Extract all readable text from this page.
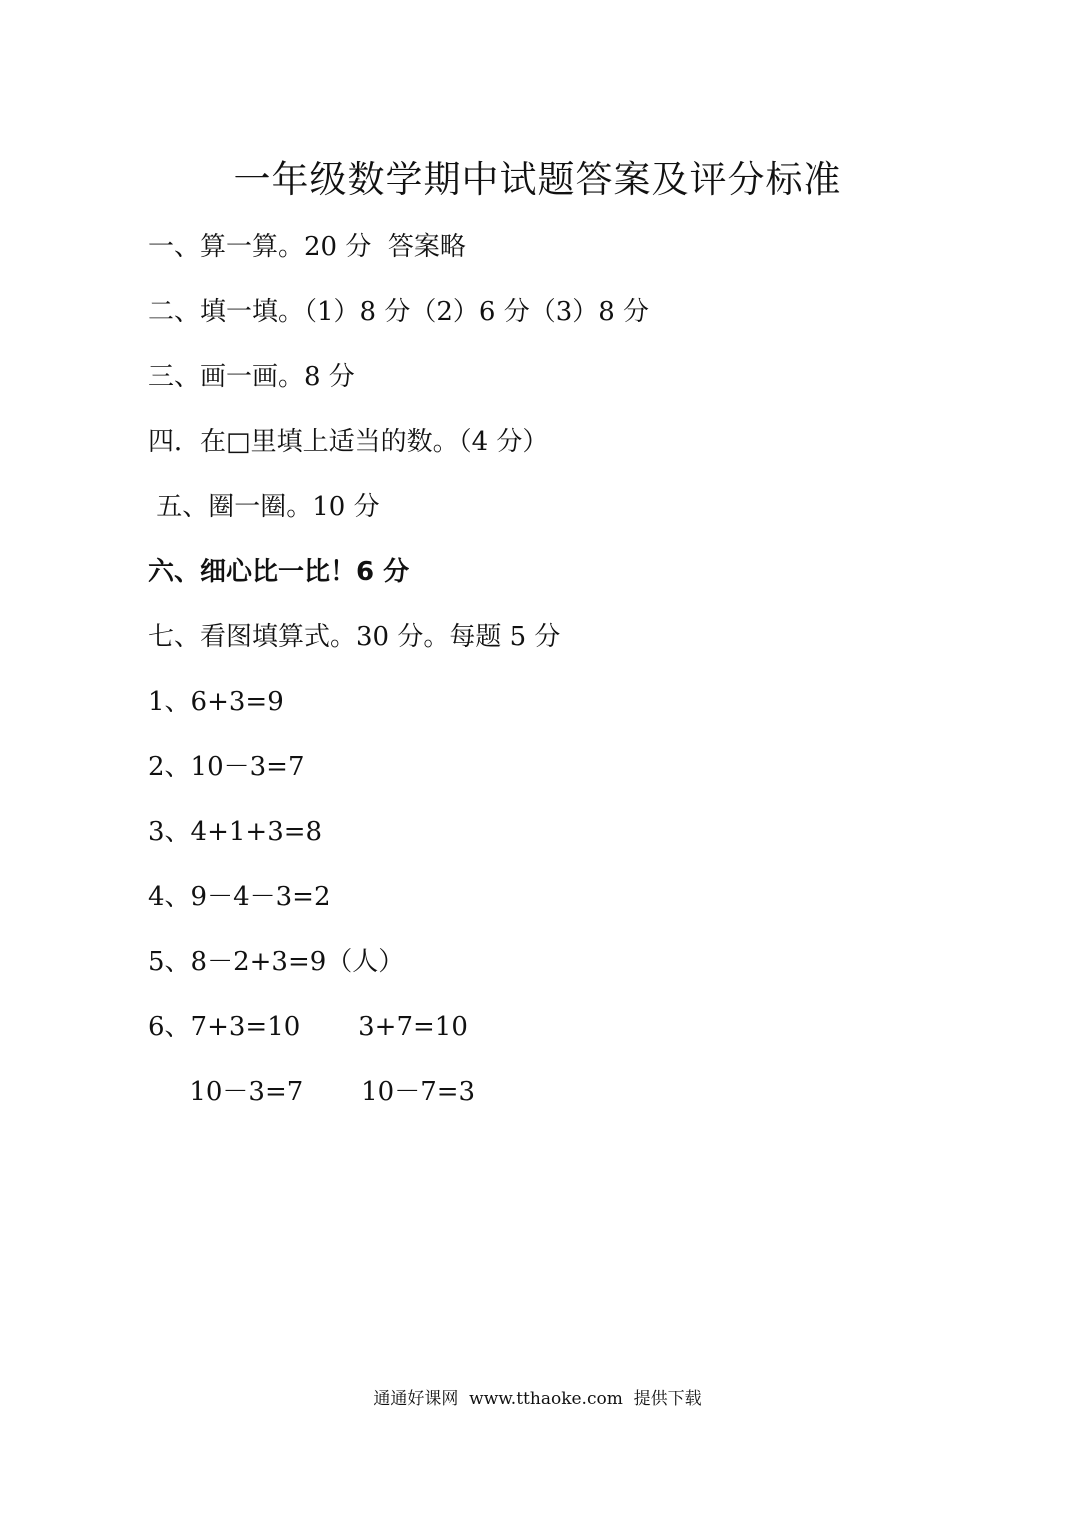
一年级数学期中试题答案及评分标准
一、算一算。20 分  答案略
二、填一填。（1）8 分（2）6 分（3）8 分
三、画一画。8 分
四．在□里填上适当的数。（4 分）
五、圈一圈。10 分
六、细心比一比！6 分
七、看图填算式。30 分。每题 5 分
1、6+3=9
2、10－3=7
3、4+1+3=8
4、9－4－3=2
5、8－2+3=9（人）
6、7+3=10       3+7=10
10－3=7       10－7=3
通通好课网  www.tthaoke.com  提供下载
